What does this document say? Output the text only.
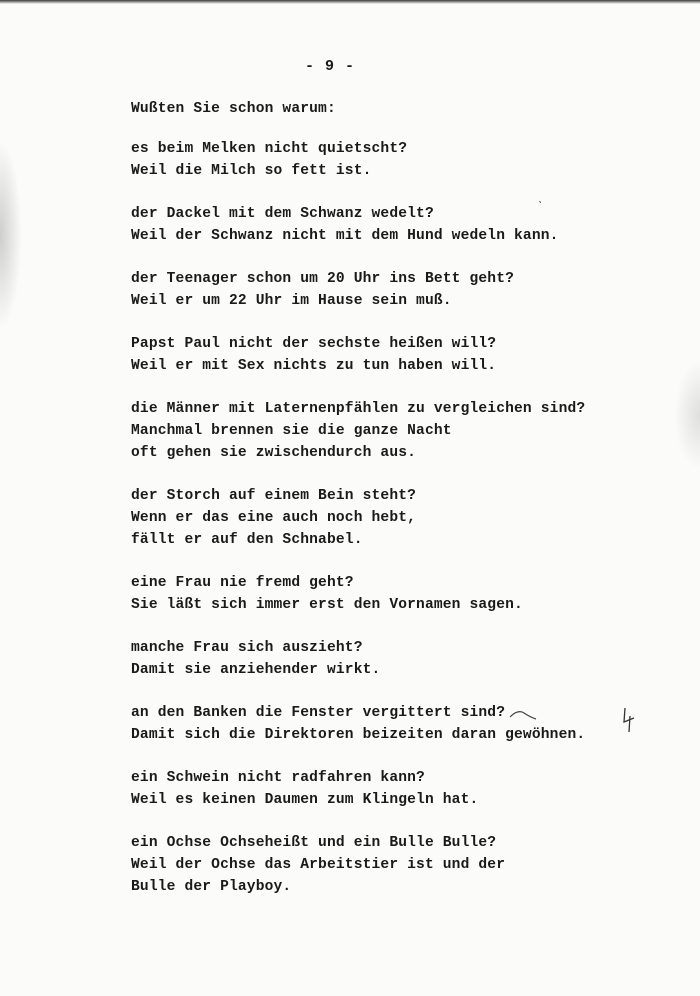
- 9 -
Wußten Sie schon warum:
es beim Melken nicht quietscht?
Weil die Milch so fett ist.
der Dackel mit dem Schwanz wedelt?
Weil der Schwanz nicht mit dem Hund wedeln kann.
der Teenager schon um 20 Uhr ins Bett geht?
Weil er um 22 Uhr im Hause sein muß.
Papst Paul nicht der sechste heißen will?
Weil er mit Sex nichts zu tun haben will.
die Männer mit Laternenpfählen zu vergleichen sind?
Manchmal brennen sie die ganze Nacht
oft gehen sie zwischendurch aus.
der Storch auf einem Bein steht?
Wenn er das eine auch noch hebt,
fällt er auf den Schnabel.
eine Frau nie fremd geht?
Sie läßt sich immer erst den Vornamen sagen.
manche Frau sich auszieht?
Damit sie anziehender wirkt.
an den Banken die Fenster vergittert sind?
Damit sich die Direktoren beizeiten daran gewöhnen.
ein Schwein nicht radfahren kann?
Weil es keinen Daumen zum Klingeln hat.
ein Ochse Ochseheißt und ein Bulle Bulle?
Weil der Ochse das Arbeitstier ist und der
Bulle der Playboy.
ˋ
